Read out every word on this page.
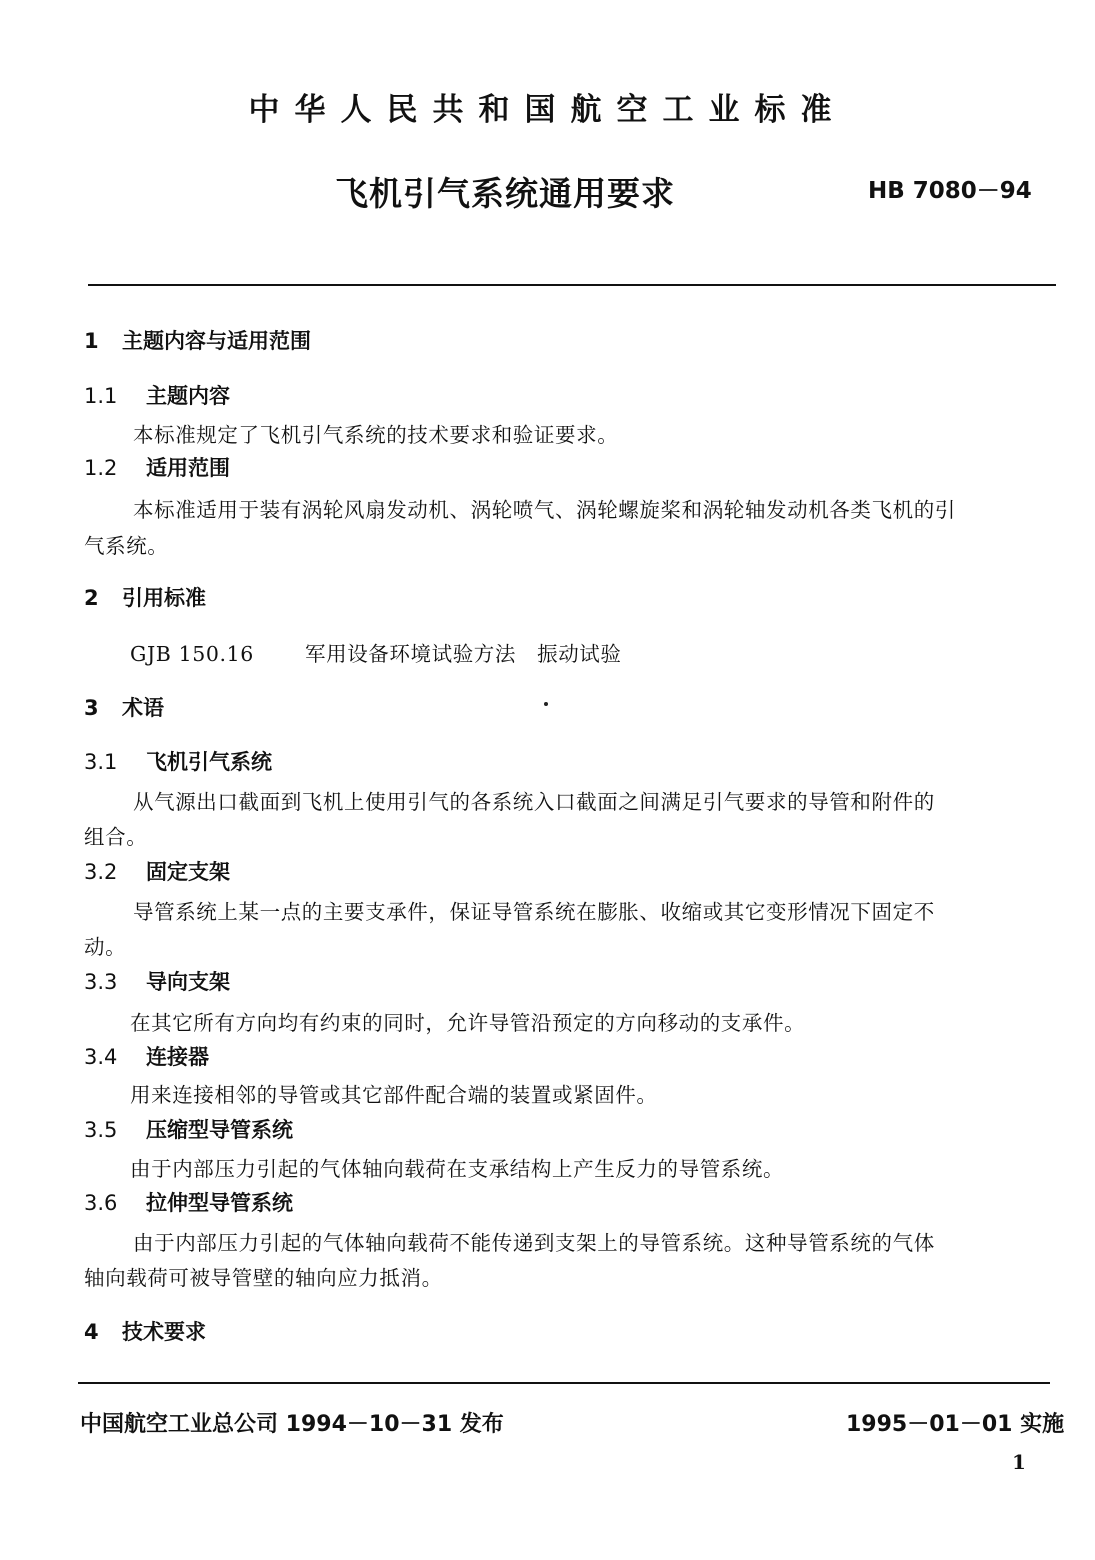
中华人民共和国航空工业标准
飞机引气系统通用要求	HB 7080－94
1 主题内容与适用范围
1.1 主题内容
本标准规定了飞机引气系统的技术要求和验证要求。
1.2 适用范围
本标准适用于装有涡轮风扇发动机、涡轮喷气、涡轮螺旋桨和涡轮轴发动机各类飞机的引
气系统。
2 引用标准
GJB 150.16 军用设备环境试验方法　振动试验
3 术语
3.1 飞机引气系统
从气源出口截面到飞机上使用引气的各系统入口截面之间满足引气要求的导管和附件的
组合。
3.2 固定支架
导管系统上某一点的主要支承件，保证导管系统在膨胀、收缩或其它变形情况下固定不
动。
3.3 导向支架
在其它所有方向均有约束的同时，允许导管沿预定的方向移动的支承件。
3.4 连接器
用来连接相邻的导管或其它部件配合端的装置或紧固件。
3.5 压缩型导管系统
由于内部压力引起的气体轴向载荷在支承结构上产生反力的导管系统。
3.6 拉伸型导管系统
由于内部压力引起的气体轴向载荷不能传递到支架上的导管系统。这种导管系统的气体
轴向载荷可被导管壁的轴向应力抵消。
4 技术要求
中国航空工业总公司 1994－10－31 发布	1995－01－01 实施
1
